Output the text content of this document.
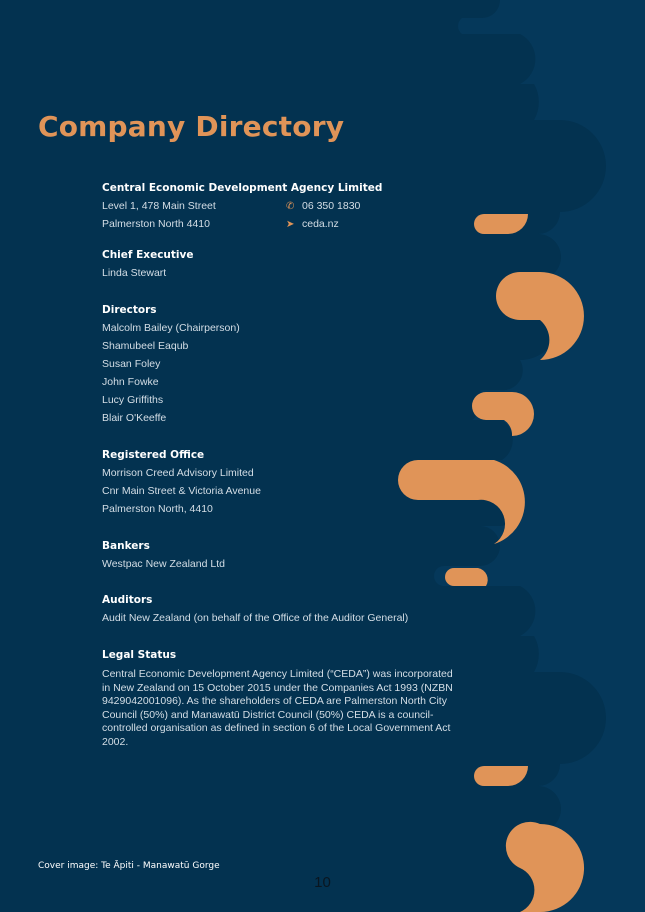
Company Directory
Central Economic Development Agency Limited
Level 1, 478 Main Street
Palmerston North 4410
✆ 06 350 1830
➤ ceda.nz
Chief Executive
Linda Stewart
Directors
Malcolm Bailey (Chairperson)
Shamubeel Eaqub
Susan Foley
John Fowke
Lucy Griffiths
Blair O'Keeffe
Registered Office
Morrison Creed Advisory Limited
Cnr Main Street & Victoria Avenue
Palmerston North, 4410
Bankers
Westpac New Zealand Ltd
Auditors
Audit New Zealand (on behalf of the Office of the Auditor General)
Legal Status

Central Economic Development Agency Limited (“CEDA”) was incorporated in New Zealand on 15 October 2015 under the Companies Act 1993 (NZBN 9429042001096). As the shareholders of CEDA are Palmerston North City Council (50%) and Manawatū District Council (50%) CEDA is a council-controlled organisation as defined in section 6 of the Local Government Act 2002.

Cover image: Te Āpiti - Manawatū Gorge

10
